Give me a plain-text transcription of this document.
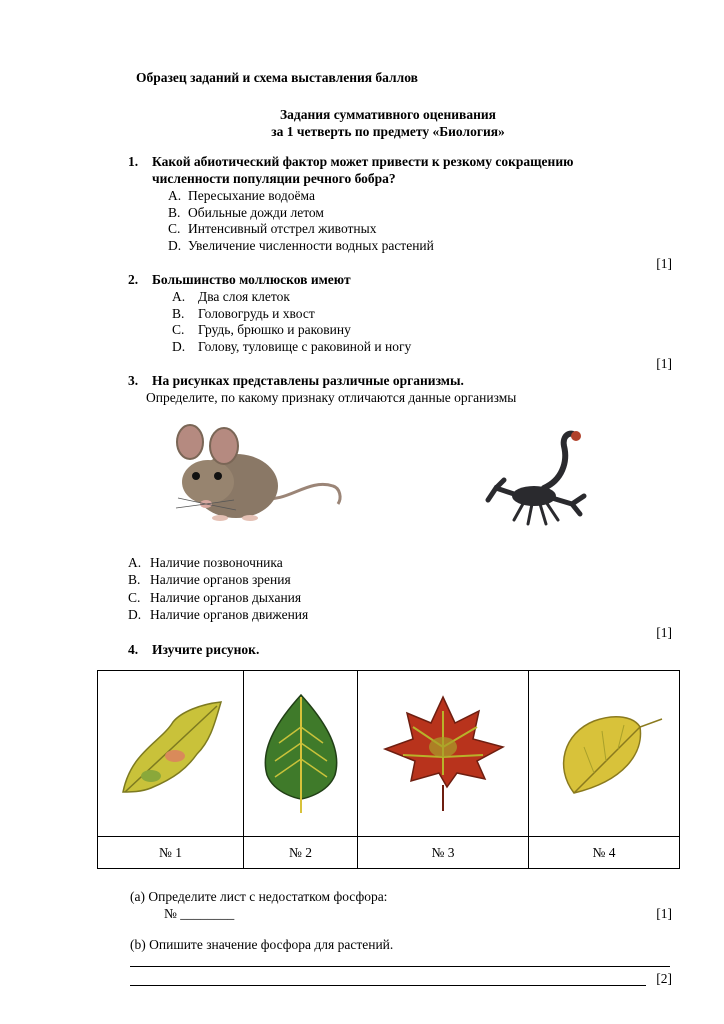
Образец заданий и схема выставления баллов
Задания суммативного оценивания
за 1 четверть по предмету «Биология»
1. Какой абиотический фактор может привести к резкому сокращению
численности популяции речного бобра?
A. Пересыхание водоёма
B. Обильные дожди летом
C. Интенсивный отстрел животных
D. Увеличение численности водных растений
[1]
2. Большинство моллюсков имеют
A. Два слоя клеток
B. Головогрудь и хвост
C. Грудь, брюшко и раковину
D. Голову, туловище с раковиной и ногу
[1]
3. На рисунках представлены различные организмы.
Определите, по какому признаку отличаются данные организмы
A. Наличие позвоночника
B. Наличие органов зрения
C. Наличие органов дыхания
D. Наличие органов движения
[1]
4. Изучите рисунок.

№ 1	№ 2	№ 3	№ 4
(a) Определите лист с недостатком фосфора:
№ ________	[1]
(b) Опишите значение фосфора для растений.
[2]
